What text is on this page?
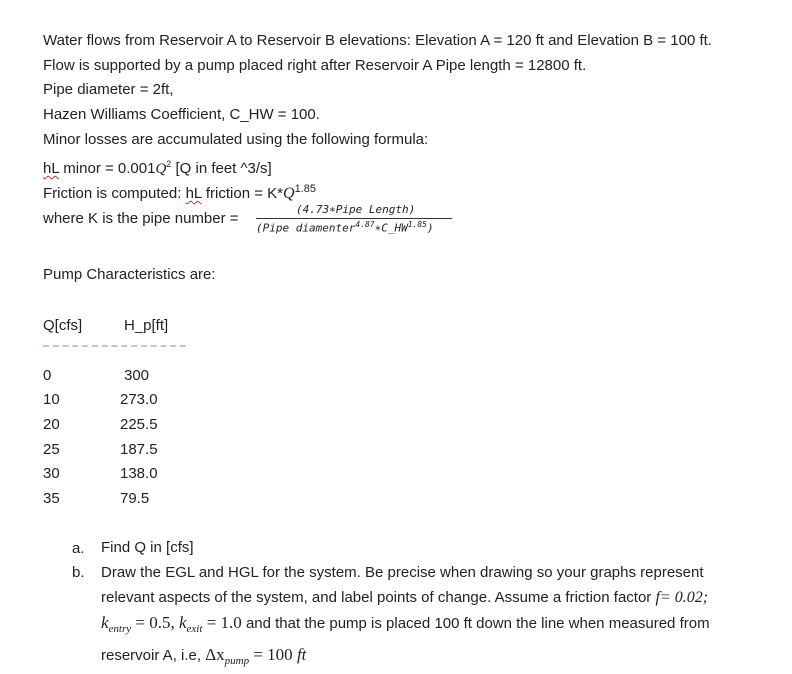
Water flows from Reservoir A to Reservoir B elevations: Elevation A = 120 ft and Elevation B = 100 ft.
Flow is supported by a pump placed right after Reservoir A Pipe length = 12800 ft.
Pipe diameter = 2ft,
Hazen Williams Coefficient, C_HW = 100.
Minor losses are accumulated using the following formula:
hL minor = $0.001Q^2$ [Q in feet ^3/s]
Friction is computed: hL friction = $K*Q^{1.85}$
where K is the pipe number =
(4.73∗Pipe Length)
(Pipe $diamenter^{4.87}∗C\_HW^{1.85}$)
Pump Characteristics are:
Q[cfs]	H_p[ft]
0	300
10	273.0
20	225.5
25	187.5
30	138.0
35	79.5
a. Find Q in [cfs]
b. Draw the EGL and HGL for the system. Be precise when drawing so your graphs represent relevant aspects of the system, and label points of change. Assume a friction factor f= 0.02;
$k_{entry} = 0.5$, $k_{exit} = 1.0$ and that the pump is placed 100 ft down the line when measured from reservoir A, i.e, $\Delta x_{pump} = 100$ ft
